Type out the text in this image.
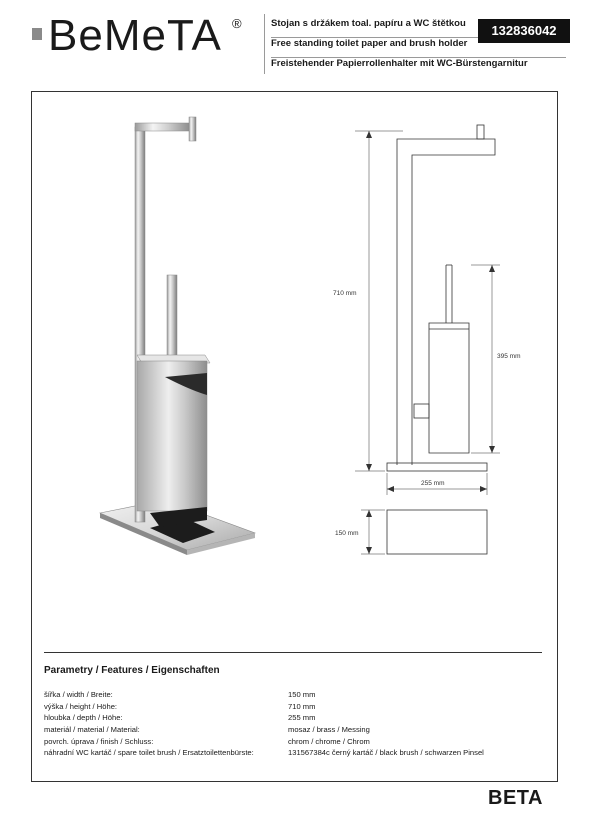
BeMeTA ®	Stojan s držákem toal. papíru a WC štětkou
Free standing toilet paper and brush holder
Freistehender Papierrollenhalter mit WC-Bürstengarnitur
132836042
710 mm
395 mm
255 mm
150 mm
Parametry / Features / Eigenschaften
šířka / width / Breite:	150 mm
výška / height / Höhe:	710 mm
hloubka / depth / Höhe:	255 mm
materiál / material / Material:	mosaz / brass / Messing
povrch. úprava / finish / Schluss:	chrom / chrome / Chrom
náhradní WC kartáč / spare toilet brush / Ersatztoilettenbürste:	131567384c černý kartáč / black brush / schwarzen Pinsel
BETA
